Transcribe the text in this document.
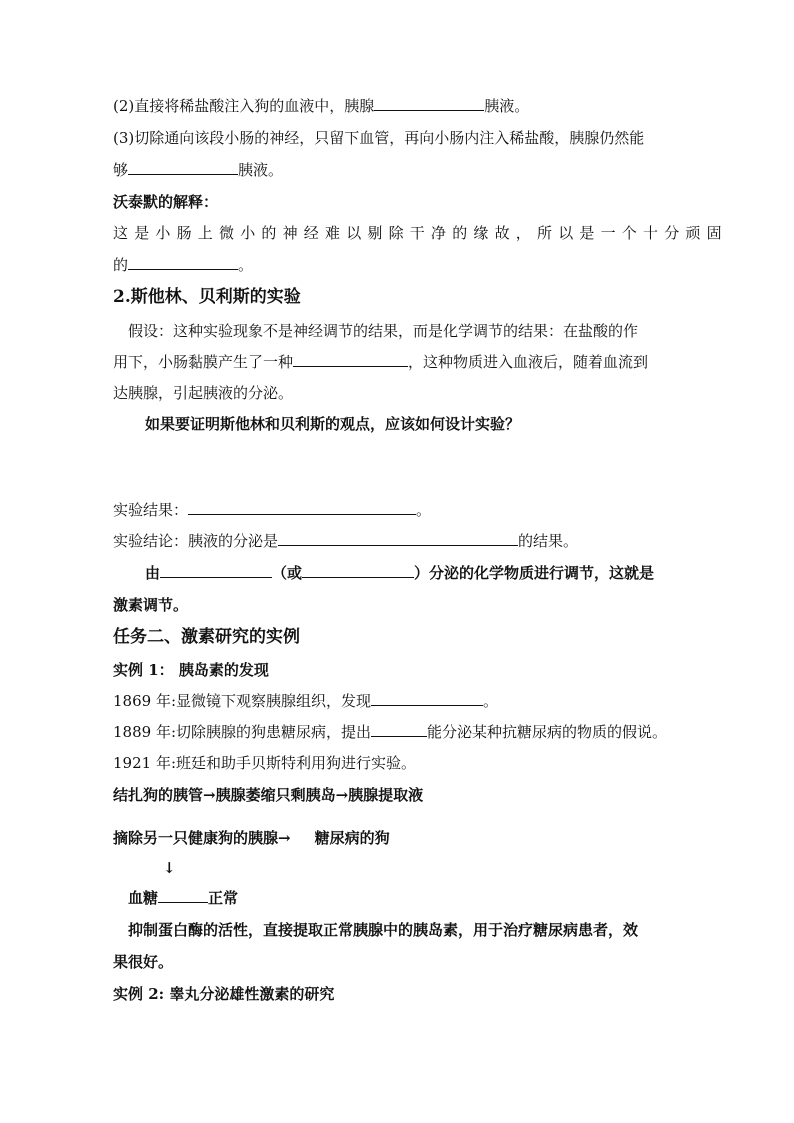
(2)直接将稀盐酸注入狗的血液中，胰腺	胰液。
(3)切除通向该段小肠的神经，只留下血管，再向小肠内注入稀盐酸，胰腺仍然能
够	胰液。
沃泰默的解释：
这是小肠上微小的神经难以剔除干净的缘故，所以是一个十分顽固
的	。
2.斯他林、贝利斯的实验
假设：这种实验现象不是神经调节的结果，而是化学调节的结果：在盐酸的作
用下，小肠黏膜产生了一种	，这种物质进入血液后，随着血流到
达胰腺，引起胰液的分泌。
如果要证明斯他林和贝利斯的观点，应该如何设计实验？
实验结果：	。
实验结论：胰液的分泌是	的结果。
由	（或	）分泌的化学物质进行调节，这就是
激素调节。
任务二、激素研究的实例
实例 1： 胰岛素的发现
1869 年:显微镜下观察胰腺组织，发现	。
1889 年:切除胰腺的狗患糖尿病，提出	能分泌某种抗糖尿病的物质的假说。
1921 年:班廷和助手贝斯特利用狗进行实验。
结扎狗的胰管→胰腺萎缩只剩胰岛→胰腺提取液
摘除另一只健康狗的胰腺→ 糖尿病的狗
↓
血糖	正常
抑制蛋白酶的活性，直接提取正常胰腺中的胰岛素，用于治疗糖尿病患者，效
果很好。
实例 2: 睾丸分泌雄性激素的研究
